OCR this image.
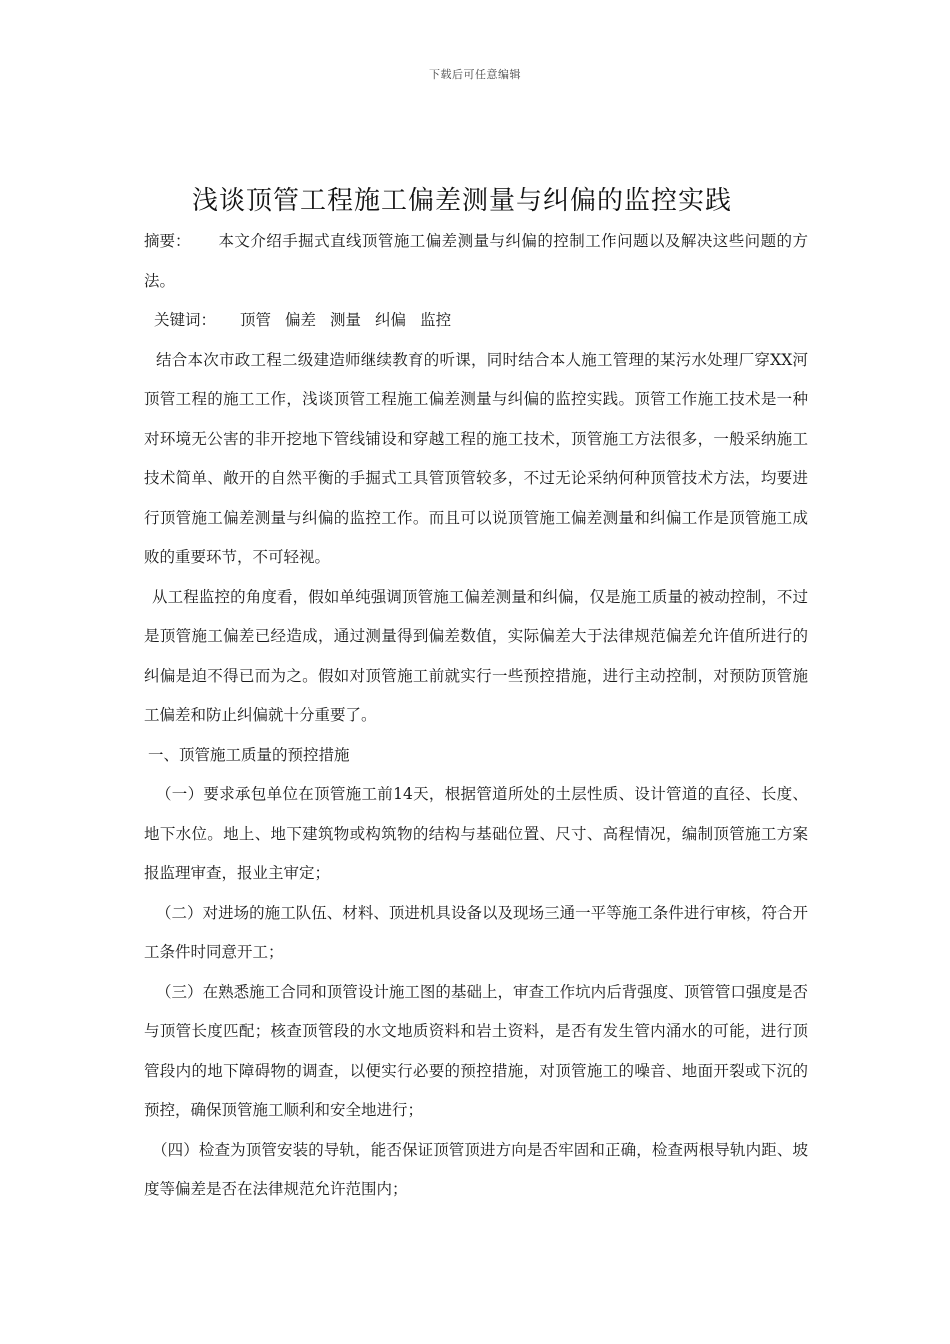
下载后可任意编辑
浅谈顶管工程施工偏差测量与纠偏的监控实践

摘要： 本文介绍手掘式直线顶管施工偏差测量与纠偏的控制工作问题以及解决这些问题的方法。

关键词： 顶管 偏差 测量 纠偏 监控

结合本次市政工程二级建造师继续教育的听课，同时结合本人施工管理的某污水处理厂穿XX河顶管工程的施工工作，浅谈顶管工程施工偏差测量与纠偏的监控实践。顶管工作施工技术是一种对环境无公害的非开挖地下管线铺设和穿越工程的施工技术，顶管施工方法很多，一般采纳施工技术简单、敞开的自然平衡的手掘式工具管顶管较多，不过无论采纳何种顶管技术方法，均要进行顶管施工偏差测量与纠偏的监控工作。而且可以说顶管施工偏差测量和纠偏工作是顶管施工成败的重要环节，不可轻视。

从工程监控的角度看，假如单纯强调顶管施工偏差测量和纠偏，仅是施工质量的被动控制，不过是顶管施工偏差已经造成，通过测量得到偏差数值，实际偏差大于法律规范偏差允许值所进行的纠偏是迫不得已而为之。假如对顶管施工前就实行一些预控措施，进行主动控制，对预防顶管施工偏差和防止纠偏就十分重要了。

一、顶管施工质量的预控措施

（一）要求承包单位在顶管施工前14天，根据管道所处的土层性质、设计管道的直径、长度、地下水位。地上、地下建筑物或构筑物的结构与基础位置、尺寸、高程情况，编制顶管施工方案报监理审查，报业主审定；

（二）对进场的施工队伍、材料、顶进机具设备以及现场三通一平等施工条件进行审核，符合开工条件时同意开工；

（三）在熟悉施工合同和顶管设计施工图的基础上，审查工作坑内后背强度、顶管管口强度是否与顶管长度匹配；核查顶管段的水文地质资料和岩土资料，是否有发生管内涌水的可能，进行顶管段内的地下障碍物的调查，以便实行必要的预控措施，对顶管施工的噪音、地面开裂或下沉的预控，确保顶管施工顺利和安全地进行；

（四）检查为顶管安装的导轨，能否保证顶管顶进方向是否牢固和正确，检查两根导轨内距、坡度等偏差是否在法律规范允许范围内；
